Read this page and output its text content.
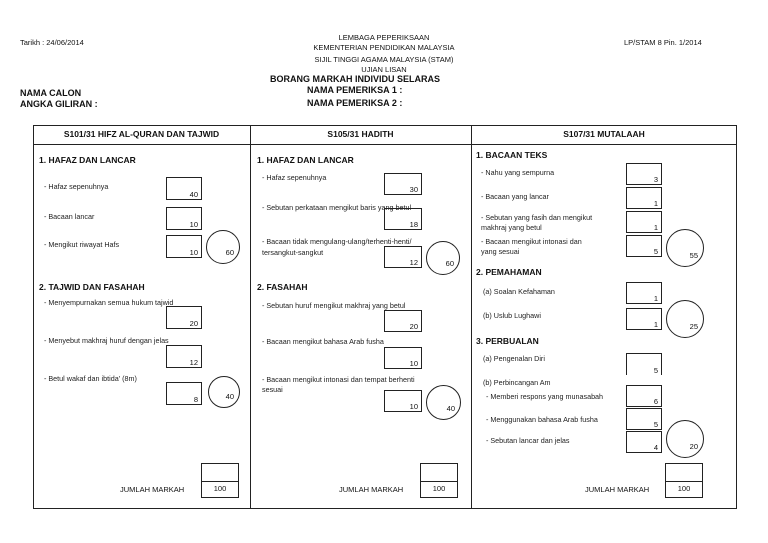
Tarikh : 24/06/2014	LP/STAM 8 Pin. 1/2014
LEMBAGA PEPERIKSAAN
KEMENTERIAN PENDIDIKAN MALAYSIA
SIJIL TINGGI AGAMA MALAYSIA (STAM)
UJIAN LISAN
BORANG MARKAH INDIVIDU SELARAS
NAMA PEMERIKSA 1 :
NAMA PEMERIKSA 2 :
NAMA CALON
ANGKA GILIRAN :
S101/31 HIFZ AL-QURAN DAN TAJWID	S105/31 HADITH	S107/31 MUTALAAH
1. HAFAZ DAN LANCAR
- Hafaz sepenuhnya
40
- Bacaan lancar
10
- Mengikut riwayat Hafs
10	60
2. TAJWID DAN FASAHAH
- Menyempurnakan semua hukum tajwid
20
- Menyebut makhraj huruf dengan jelas
12
- Betul wakaf dan ibtida' (8m)
8	40
JUMLAH MARKAH	100
1. HAFAZ DAN LANCAR
- Hafaz sepenuhnya
30
- Sebutan perkataan mengikut baris yang betul
18
- Bacaan tidak mengulang-ulang/terhenti-henti/
tersangkut-sangkut
12	60
2. FASAHAH
- Sebutan huruf mengikut makhraj yang betul
20
- Bacaan mengikut bahasa Arab fusha
10
- Bacaan mengikut intonasi dan tempat berhenti
sesuai
10	40
JUMLAH MARKAH	100
1. BACAAN TEKS
- Nahu yang sempurna
3
- Bacaan yang lancar
1
- Sebutan yang fasih dan mengikut
makhraj yang betul	1
- Bacaan mengikut intonasi dan
yang sesuai	5	55
2. PEMAHAMAN
(a) Soalan Kefahaman
1
(b) Uslub Lughawi
1	25
3. PERBUALAN
(a) Pengenalan Diri
5
(b) Perbincangan Am
- Memberi respons yang munasabah
6
- Menggunakan bahasa Arab fusha
5
- Sebutan lancar dan jelas
4	20
JUMLAH MARKAH	100
